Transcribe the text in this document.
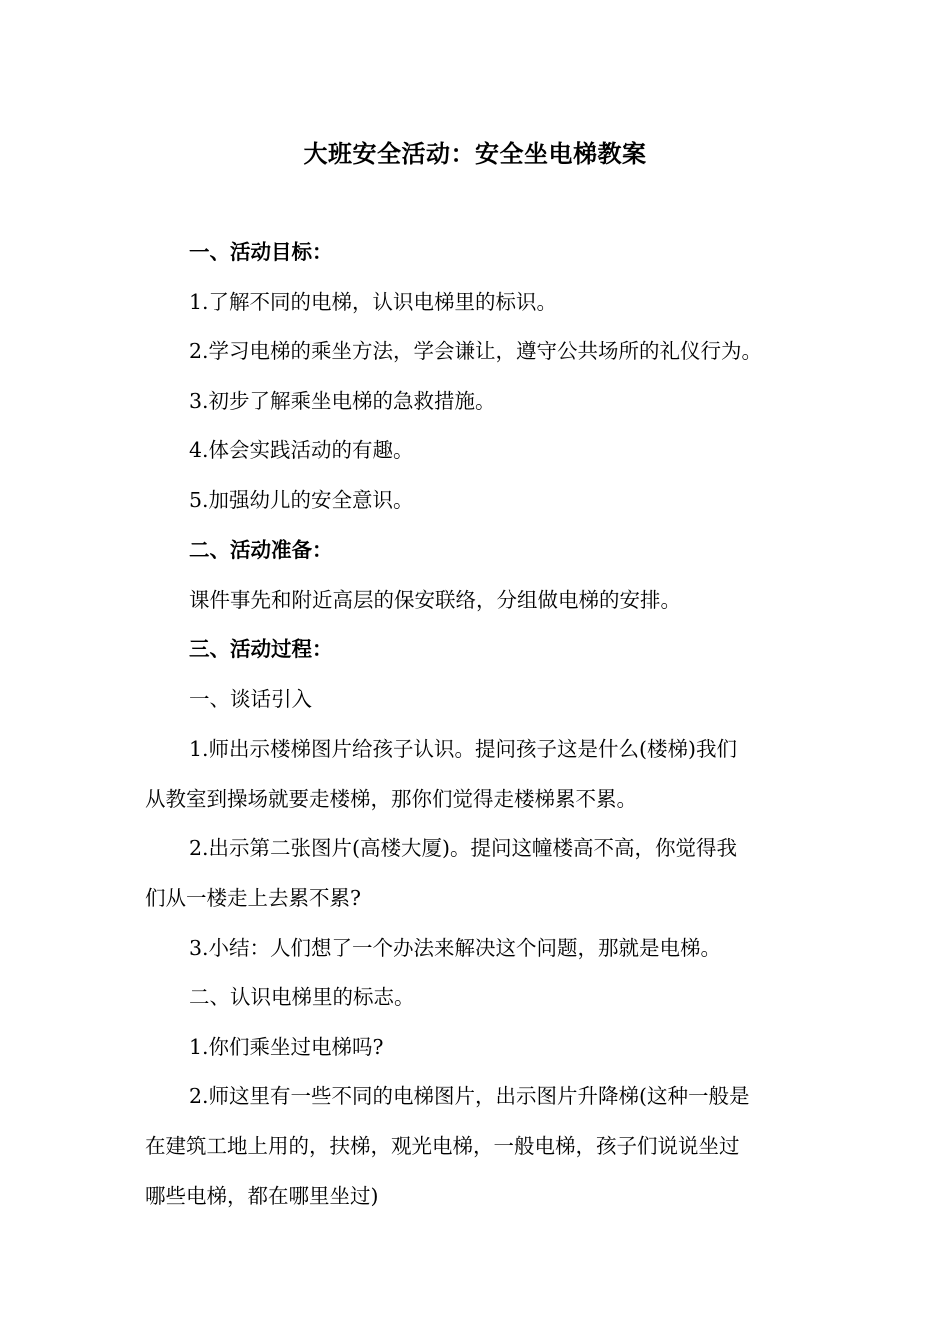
大班安全活动：安全坐电梯教案
一、活动目标：
1.了解不同的电梯，认识电梯里的标识。
2.学习电梯的乘坐方法，学会谦让，遵守公共场所的礼仪行为。
3.初步了解乘坐电梯的急救措施。
4.体会实践活动的有趣。
5.加强幼儿的安全意识。
二、活动准备：
课件事先和附近高层的保安联络，分组做电梯的安排。
三、活动过程：
一、谈话引入
1.师出示楼梯图片给孩子认识。提问孩子这是什么(楼梯)我们
从教室到操场就要走楼梯，那你们觉得走楼梯累不累。
2.出示第二张图片(高楼大厦)。提问这幢楼高不高，你觉得我
们从一楼走上去累不累?
3.小结：人们想了一个办法来解决这个问题，那就是电梯。
二、认识电梯里的标志。
1.你们乘坐过电梯吗?
2.师这里有一些不同的电梯图片，出示图片升降梯(这种一般是
在建筑工地上用的，扶梯，观光电梯，一般电梯，孩子们说说坐过
哪些电梯，都在哪里坐过)
